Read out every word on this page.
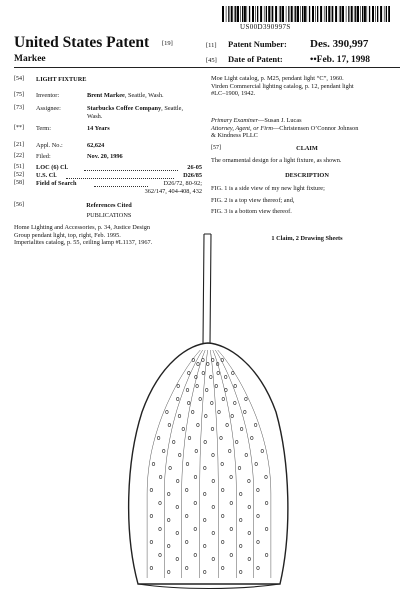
US00D390997S
United States Patent [19]
Markee
[11] Patent Number: Des. 390,997
[45] Date of Patent:	••Feb. 17, 1998
[54] LIGHT FIXTURE
[75] Inventor:	Brent Markee, Seattle, Wash.
[73] Assignee:	Starbucks Coffee Company, Seattle,
Wash.
[**] Term:	14 Years
[21] Appl. No.:	62,624
[22] Filed:	Nov. 20, 1996
[51] LOC (6) Cl.	26-05
[52] U.S. Cl.	D26/85
[58] Field of Search	D26/72, 80-92;
362/147, 404-408, 432
[56]	References Cited
PUBLICATIONS
Home Lighting and Accessories, p. 34, Justice Design
Group pendant light, top, right, Feb. 1995.
Imperialites catalog, p. 55, ceiling lamp #L1137, 1967.
Moe Light catalog, p. M25, pendant light “C”, 1960.
Virden Commercial lighting catalog, p. 12, pendant light
#LC–1900, 1942.
Primary Examiner—Susan J. Lucas
Attorney, Agent, or Firm—Christensen O’Connor Johnson
& Kindness PLLC
[57]	CLAIM
The ornamental design for a light fixture, as shown.
DESCRIPTION
FIG. 1 is a side view of my new light fixture;
FIG. 2 is a top view thereof; and,
FIG. 3 is a bottom view thereof.
1 Claim, 2 Drawing Sheets
